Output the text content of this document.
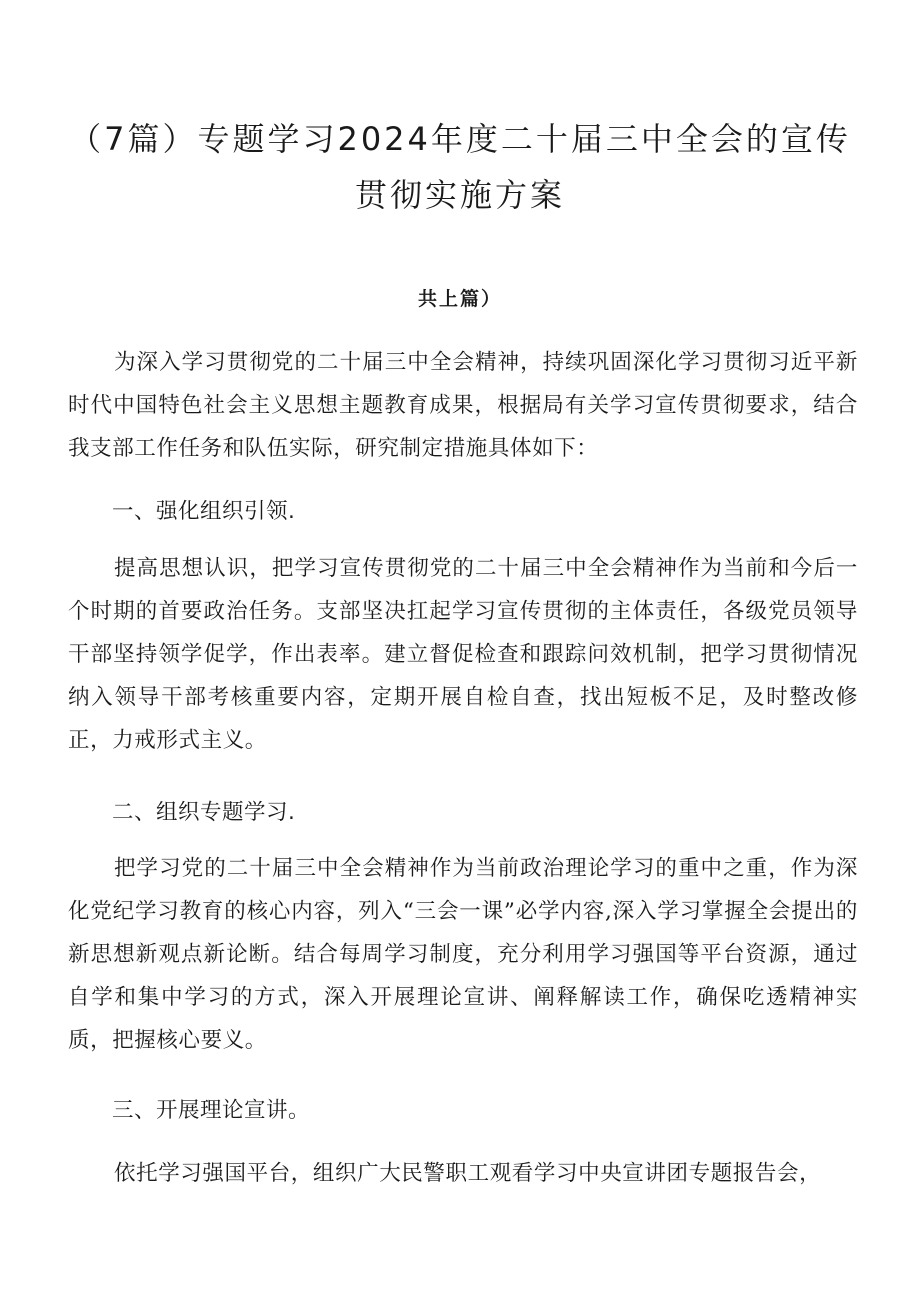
（7篇）专题学习2024年度二十届三中全会的宣传
贯彻实施方案

共上篇）

为深入学习贯彻党的二十届三中全会精神，持续巩固深化学习贯彻习近平新时代中国特色社会主义思想主题教育成果，根据局有关学习宣传贯彻要求，结合我支部工作任务和队伍实际，研究制定措施具体如下：

一、强化组织引领.

提高思想认识，把学习宣传贯彻党的二十届三中全会精神作为当前和今后一个时期的首要政治任务。支部坚决扛起学习宣传贯彻的主体责任，各级党员领导干部坚持领学促学，作出表率。建立督促检查和跟踪问效机制，把学习贯彻情况纳入领导干部考核重要内容，定期开展自检自查，找出短板不足，及时整改修正，力戒形式主义。

二、组织专题学习.

把学习党的二十届三中全会精神作为当前政治理论学习的重中之重，作为深化党纪学习教育的核心内容，列入“三会一课”必学内容,深入学习掌握全会提出的新思想新观点新论断。结合每周学习制度，充分利用学习强国等平台资源，通过自学和集中学习的方式，深入开展理论宣讲、阐释解读工作，确保吃透精神实质，把握核心要义。

三、开展理论宣讲。

依托学习强国平台，组织广大民警职工观看学习中央宣讲团专题报告会，
